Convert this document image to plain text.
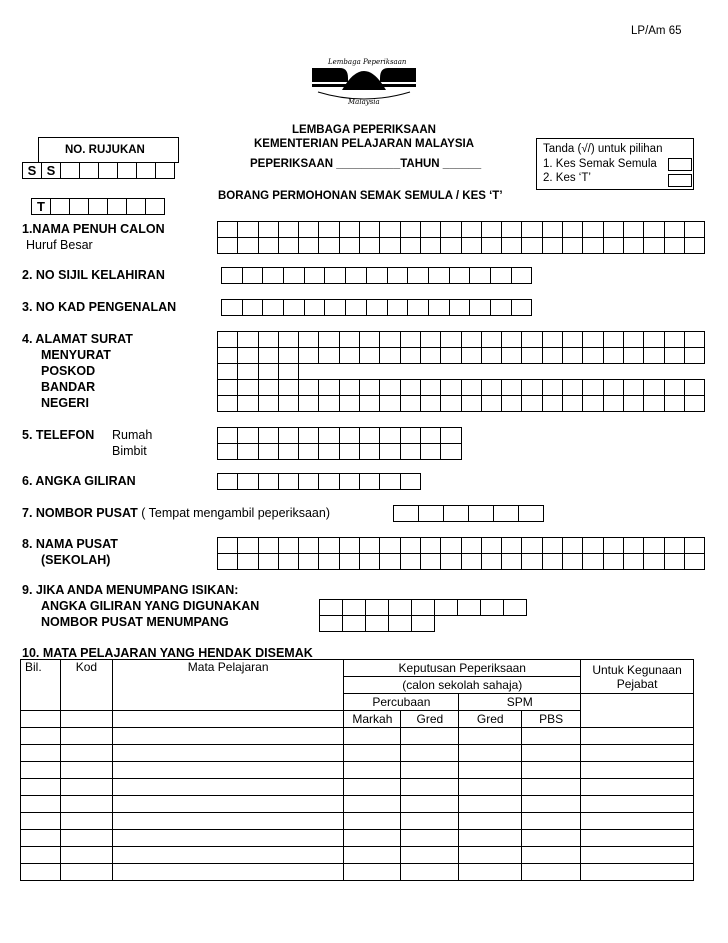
LP/Am 65
Lembaga Peperiksaan
Malaysia
LEMBAGA PEPERIKSAAN
KEMENTERIAN PELAJARAN MALAYSIA
PEPERIKSAAN __________TAHUN ______
BORANG PERMOHONAN SEMAK SEMULA / KES ‘T’
NO. RUJUKAN
S S
T
Tanda (√/) untuk pilihan
1. Kes Semak Semula
2. Kes ‘T’
1.NAMA PENUH CALON
Huruf Besar
2. NO SIJIL KELAHIRAN
3. NO KAD PENGENALAN
4. ALAMAT SURAT
MENYURAT
POSKOD
BANDAR
NEGERI
5. TELEFON Rumah
Bimbit
6. ANGKA GILIRAN
7. NOMBOR PUSAT ( Tempat mengambil peperiksaan)
8. NAMA PUSAT
(SEKOLAH)
9. JIKA ANDA MENUMPANG ISIKAN:
ANGKA GILIRAN YANG DIGUNAKAN
NOMBOR PUSAT MENUMPANG
10. MATA PELAJARAN YANG HENDAK DISEMAK
Bil.	Kod	Mata Pelajaran	Keputusan Peperiksaan				Untuk Kegunaan
Pejabat

			(calon sekolah sahaja)				
			Percubaan		SPM		
			Markah	Gred	Gred	PBS	
